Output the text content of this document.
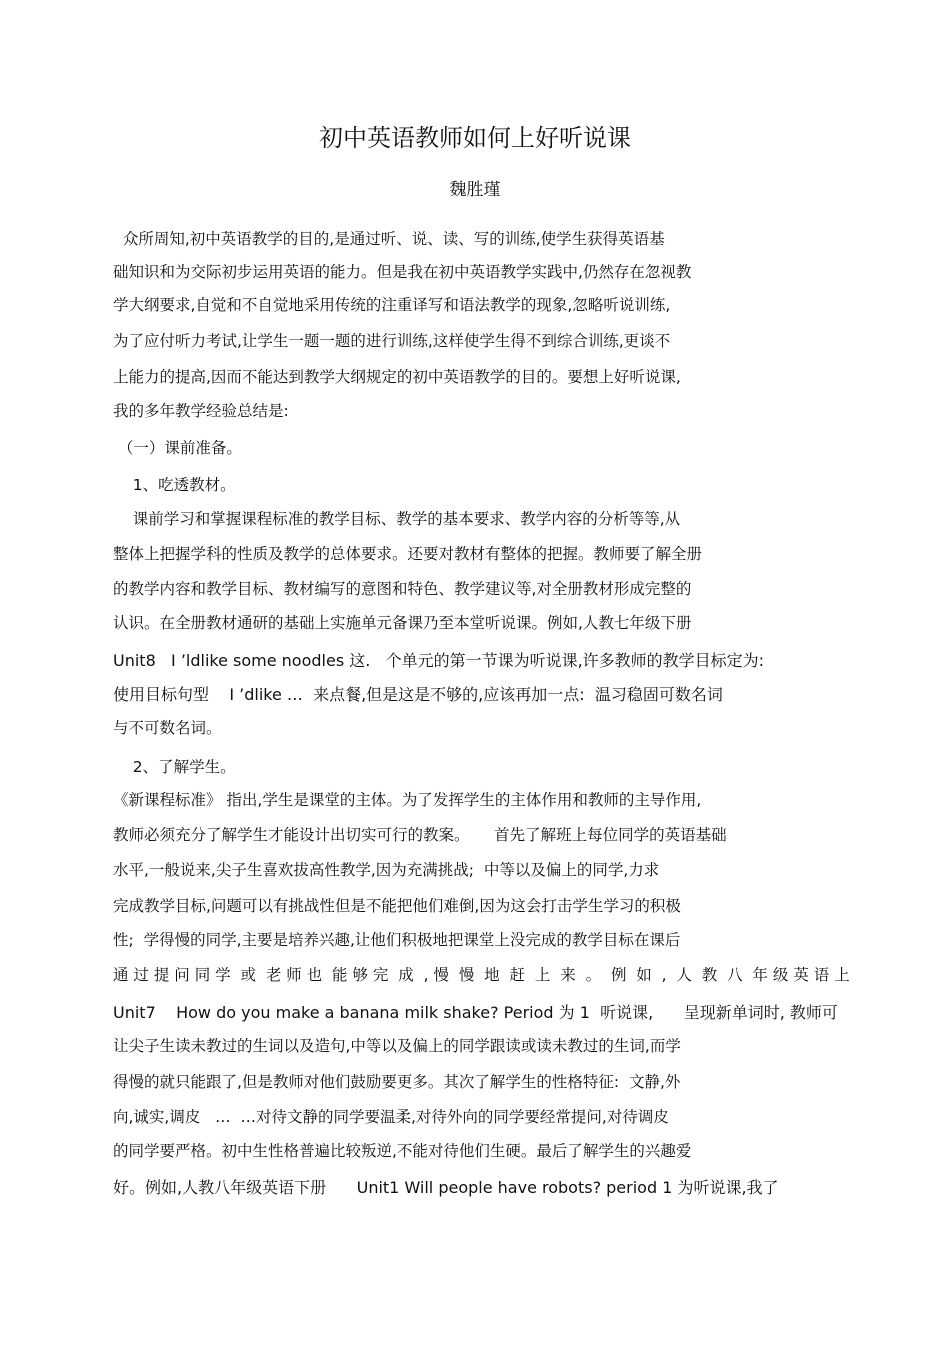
初中英语教师如何上好听说课
魏胜瑾
众所周知,初中英语教学的目的,是通过听、说、读、写的训练,使学生获得英语基
础知识和为交际初步运用英语的能力。但是我在初中英语教学实践中,仍然存在忽视教
学大纲要求,自觉和不自觉地采用传统的注重译写和语法教学的现象,忽略听说训练,
为了应付听力考试,让学生一题一题的进行训练,这样使学生得不到综合训练,更谈不
上能力的提高,因而不能达到教学大纲规定的初中英语教学的目的。要想上好听说课,
我的多年教学经验总结是:
（一）课前准备。
1、吃透教材。
课前学习和掌握课程标准的教学目标、教学的基本要求、教学内容的分析等等,从
整体上把握学科的性质及教学的总体要求。还要对教材有整体的把握。教师要了解全册
的教学内容和教学目标、教材编写的意图和特色、教学建议等,对全册教材形成完整的
认识。在全册教材通研的基础上实施单元备课乃至本堂听说课。例如,人教七年级下册
Unit8   I ’ldlike some noodles 这.   个单元的第一节课为听说课,许多教师的教学目标定为:
使用目标句型    I ’dlike …  来点餐,但是这是不够的,应该再加一点:  温习稳固可数名词
与不可数名词。
2、了解学生。
《新课程标准》 指出,学生是课堂的主体。为了发挥学生的主体作用和教师的主导作用,
教师必须充分了解学生才能设计出切实可行的教案。     首先了解班上每位同学的英语基础
水平,一般说来,尖子生喜欢拔高性教学,因为充满挑战;  中等以及偏上的同学,力求
完成教学目标,问题可以有挑战性但是不能把他们难倒,因为这会打击学生学习的积极
性;  学得慢的同学,主要是培养兴趣,让他们积极地把课堂上没完成的教学目标在课后
通 过 提 问 同 学  或  老 师 也  能 够 完  成  , 慢  慢  地  赶  上  来  。  例  如  ,  人  教  八  年 级 英 语 上
Unit7    How do you make a banana milk shake? Period 为 1  听说课,      呈现新单词时, 教师可
让尖子生读未教过的生词以及造句,中等以及偏上的同学跟读或读未教过的生词,而学
得慢的就只能跟了,但是教师对他们鼓励要更多。其次了解学生的性格特征:  文静,外
向,诚实,调皮   …  …对待文静的同学要温柔,对待外向的同学要经常提问,对待调皮
的同学要严格。初中生性格普遍比较叛逆,不能对待他们生硬。最后了解学生的兴趣爱
好。例如,人教八年级英语下册      Unit1 Will people have robots? period 1 为听说课,我了
